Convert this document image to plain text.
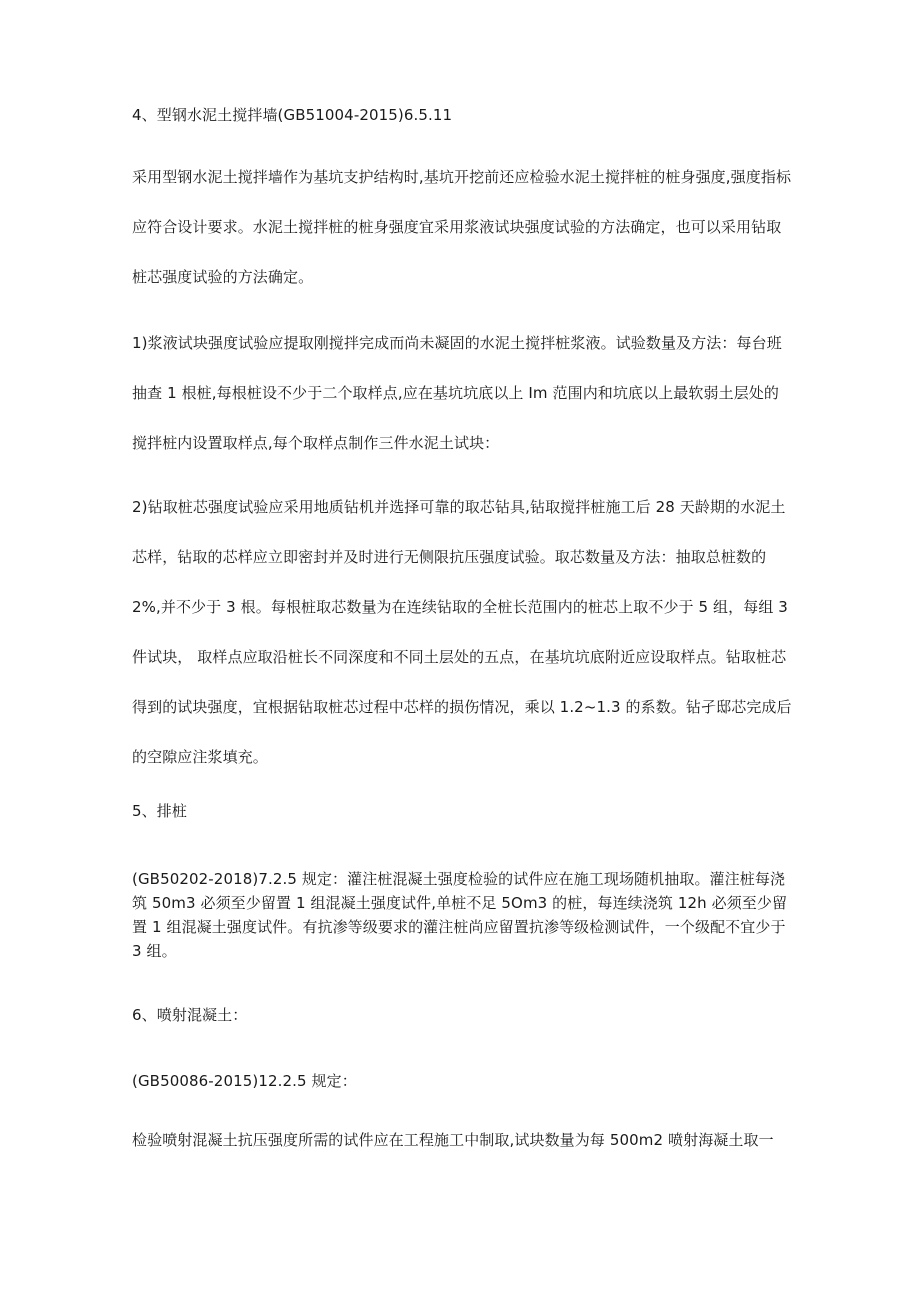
4、型钢水泥土搅拌墙(GB51004-2015)6.5.11

采用型钢水泥土搅拌墙作为基坑支护结构时,基坑开挖前还应检验水泥土搅拌桩的桩身强度,强度指标应符合设计要求。水泥土搅拌桩的桩身强度宜采用浆液试块强度试验的方法确定，也可以采用钻取桩芯强度试验的方法确定。

1)浆液试块强度试验应提取刚搅拌完成而尚未凝固的水泥土搅拌桩浆液。试验数量及方法：每台班抽查 1 根桩,每根桩设不少于二个取样点,应在基坑坑底以上 Im 范围内和坑底以上最软弱土层处的搅拌桩内设置取样点,每个取样点制作三件水泥土试块：

2)钻取桩芯强度试验应采用地质钻机并选择可靠的取芯钻具,钻取搅拌桩施工后 28 天龄期的水泥土芯样，钻取的芯样应立即密封并及时进行无侧限抗压强度试验。取芯数量及方法：抽取总桩数的 2%,并不少于 3 根。每根桩取芯数量为在连续钻取的全桩长范围内的桩芯上取不少于 5 组，每组 3 件试块， 取样点应取沿桩长不同深度和不同土层处的五点，在基坑坑底附近应设取样点。钻取桩芯得到的试块强度，宜根据钻取桩芯过程中芯样的损伤情况，乘以 1.2~1.3 的系数。钻孑邸芯完成后的空隙应注浆填充。

5、排桩

(GB50202-2018)7.2.5 规定：灌注桩混凝土强度检验的试件应在施工现场随机抽取。灌注桩每浇筑 50m3 必须至少留置 1 组混凝土强度试件,单桩不足 5Om3 的桩，每连续浇筑 12h 必须至少留置 1 组混凝土强度试件。有抗渗等级要求的灌注桩尚应留置抗渗等级检测试件，一个级配不宜少于 3 组。

6、喷射混凝土：

(GB50086-2015)12.2.5 规定：

检验喷射混凝土抗压强度所需的试件应在工程施工中制取,试块数量为每 500m2 喷射海凝土取一
